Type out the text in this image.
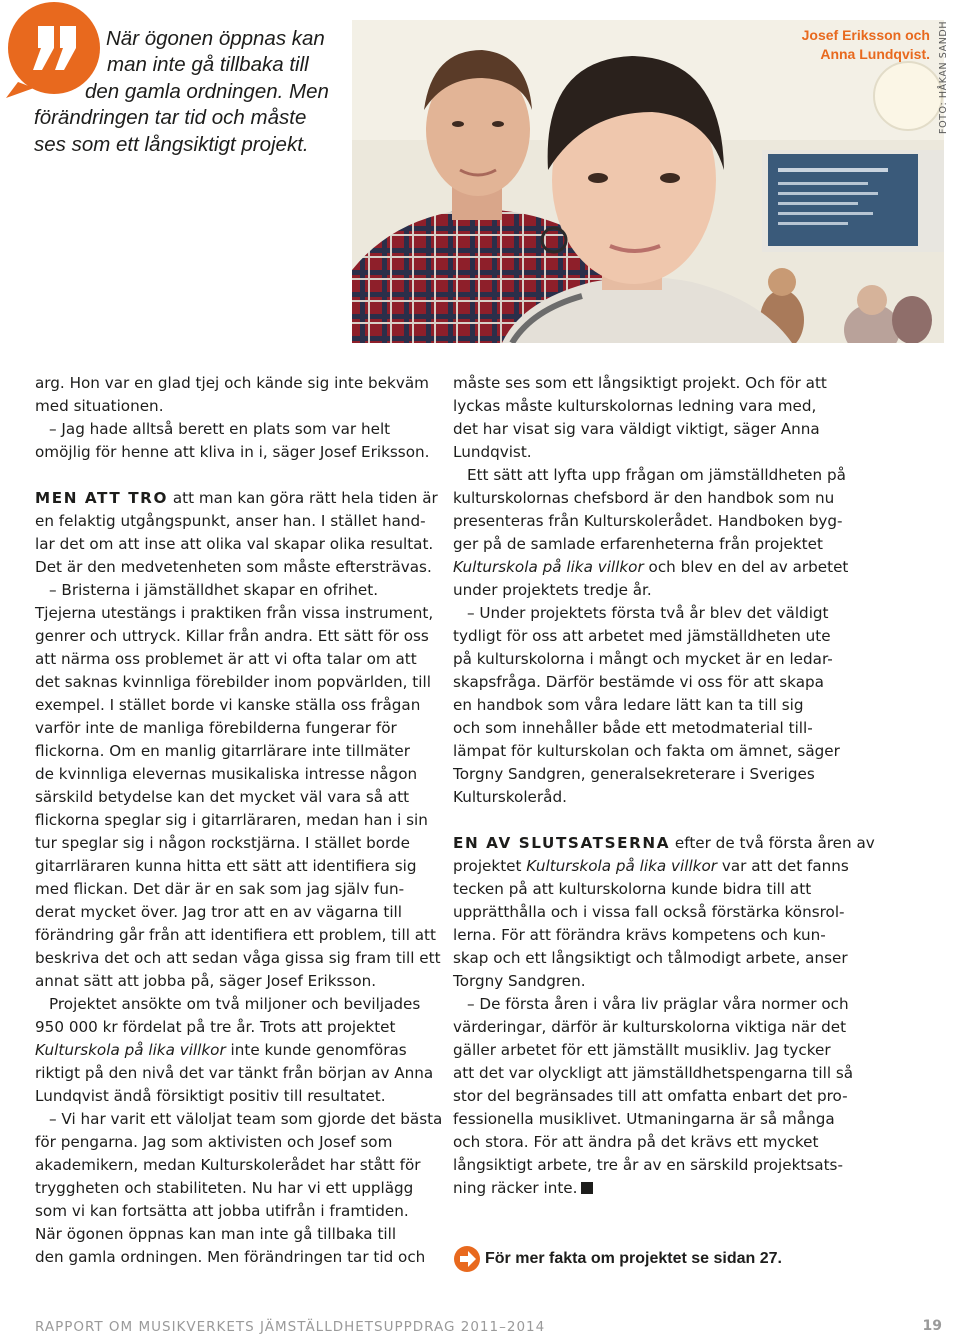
När ögonen öppnas kan
man inte gå tillbaka till
den gamla ordningen. Men
förändringen tar tid och måste
ses som ett långsiktigt projekt.

Josef Eriksson och
Anna Lundqvist. FOTO: HÅKAN SANDH
arg. Hon var en glad tjej och kände sig inte bekväm
med situationen.
– Jag hade alltså berett en plats som var helt
omöjlig för henne att kliva in i, säger Josef Eriksson.
MEN ATT TRO att man kan göra rätt hela tiden är
en felaktig utgångspunkt, anser han. I stället hand-
lar det om att inse att olika val skapar olika resultat.
Det är den medvetenheten som måste eftersträvas.
– Bristerna i jämställdhet skapar en ofrihet.
Tjejerna utestängs i praktiken från vissa instrument,
genrer och uttryck. Killar från andra. Ett sätt för oss
att närma oss problemet är att vi ofta talar om att
det saknas kvinnliga förebilder inom popvärlden, till
exempel. I stället borde vi kanske ställa oss frågan
varför inte de manliga förebilderna fungerar för
flickorna. Om en manlig gitarrlärare inte tillmäter
de kvinnliga elevernas musikaliska intresse någon
särskild betydelse kan det mycket väl vara så att
flickorna speglar sig i gitarrläraren, medan han i sin
tur speglar sig i någon rockstjärna. I stället borde
gitarrläraren kunna hitta ett sätt att identifiera sig
med flickan. Det där är en sak som jag själv fun-
derat mycket över. Jag tror att en av vägarna till
förändring går från att identifiera ett problem, till att
beskriva det och att sedan våga gissa sig fram till ett
annat sätt att jobba på, säger Josef Eriksson.
Projektet ansökte om två miljoner och beviljades
950 000 kr fördelat på tre år. Trots att projektet
Kulturskola på lika villkor inte kunde genomföras
riktigt på den nivå det var tänkt från början av Anna
Lundqvist ändå försiktigt positiv till resultatet.
– Vi har varit ett väloljat team som gjorde det bästa
för pengarna. Jag som aktivisten och Josef som
akademikern, medan Kulturskolerådet har stått för
tryggheten och stabiliteten. Nu har vi ett upplägg
som vi kan fortsätta att jobba utifrån i framtiden.
När ögonen öppnas kan man inte gå tillbaka till
den gamla ordningen. Men förändringen tar tid och
måste ses som ett långsiktigt projekt. Och för att
lyckas måste kulturskolornas ledning vara med,
det har visat sig vara väldigt viktigt, säger Anna
Lundqvist.
Ett sätt att lyfta upp frågan om jämställdheten på
kulturskolornas chefsbord är den handbok som nu
presenteras från Kulturskolerådet. Handboken byg-
ger på de samlade erfarenheterna från projektet
Kulturskola på lika villkor och blev en del av arbetet
under projektets tredje år.
– Under projektets första två år blev det väldigt
tydligt för oss att arbetet med jämställdheten ute
på kulturskolorna i mångt och mycket är en ledar-
skapsfråga. Därför bestämde vi oss för att skapa
en handbok som våra ledare lätt kan ta till sig
och som innehåller både ett metodmaterial till-
lämpat för kulturskolan och fakta om ämnet, säger
Torgny Sandgren, generalsekreterare i Sveriges
Kulturskoleråd.
EN AV SLUTSATSERNA efter de två första åren av
projektet Kulturskola på lika villkor var att det fanns
tecken på att kulturskolorna kunde bidra till att
upprätthålla och i vissa fall också förstärka könsrol-
lerna. För att förändra krävs kompetens och kun-
skap och ett långsiktigt och tålmodigt arbete, anser
Torgny Sandgren.
– De första åren i våra liv präglar våra normer och
värderingar, därför är kulturskolorna viktiga när det
gäller arbetet för ett jämställt musikliv. Jag tycker
att det var olyckligt att jämställdhetspengarna till så
stor del begränsades till att omfatta enbart det pro-
fessionella musiklivet. Utmaningarna är så många
och stora. För att ändra på det krävs ett mycket
långsiktigt arbete, tre år av en särskild projektsats-
ning räcker inte.
För mer fakta om projektet se sidan 27.
RAPPORT OM MUSIKVERKETS JÄMSTÄLLDHETSUPPDRAG 2011–2014	19
